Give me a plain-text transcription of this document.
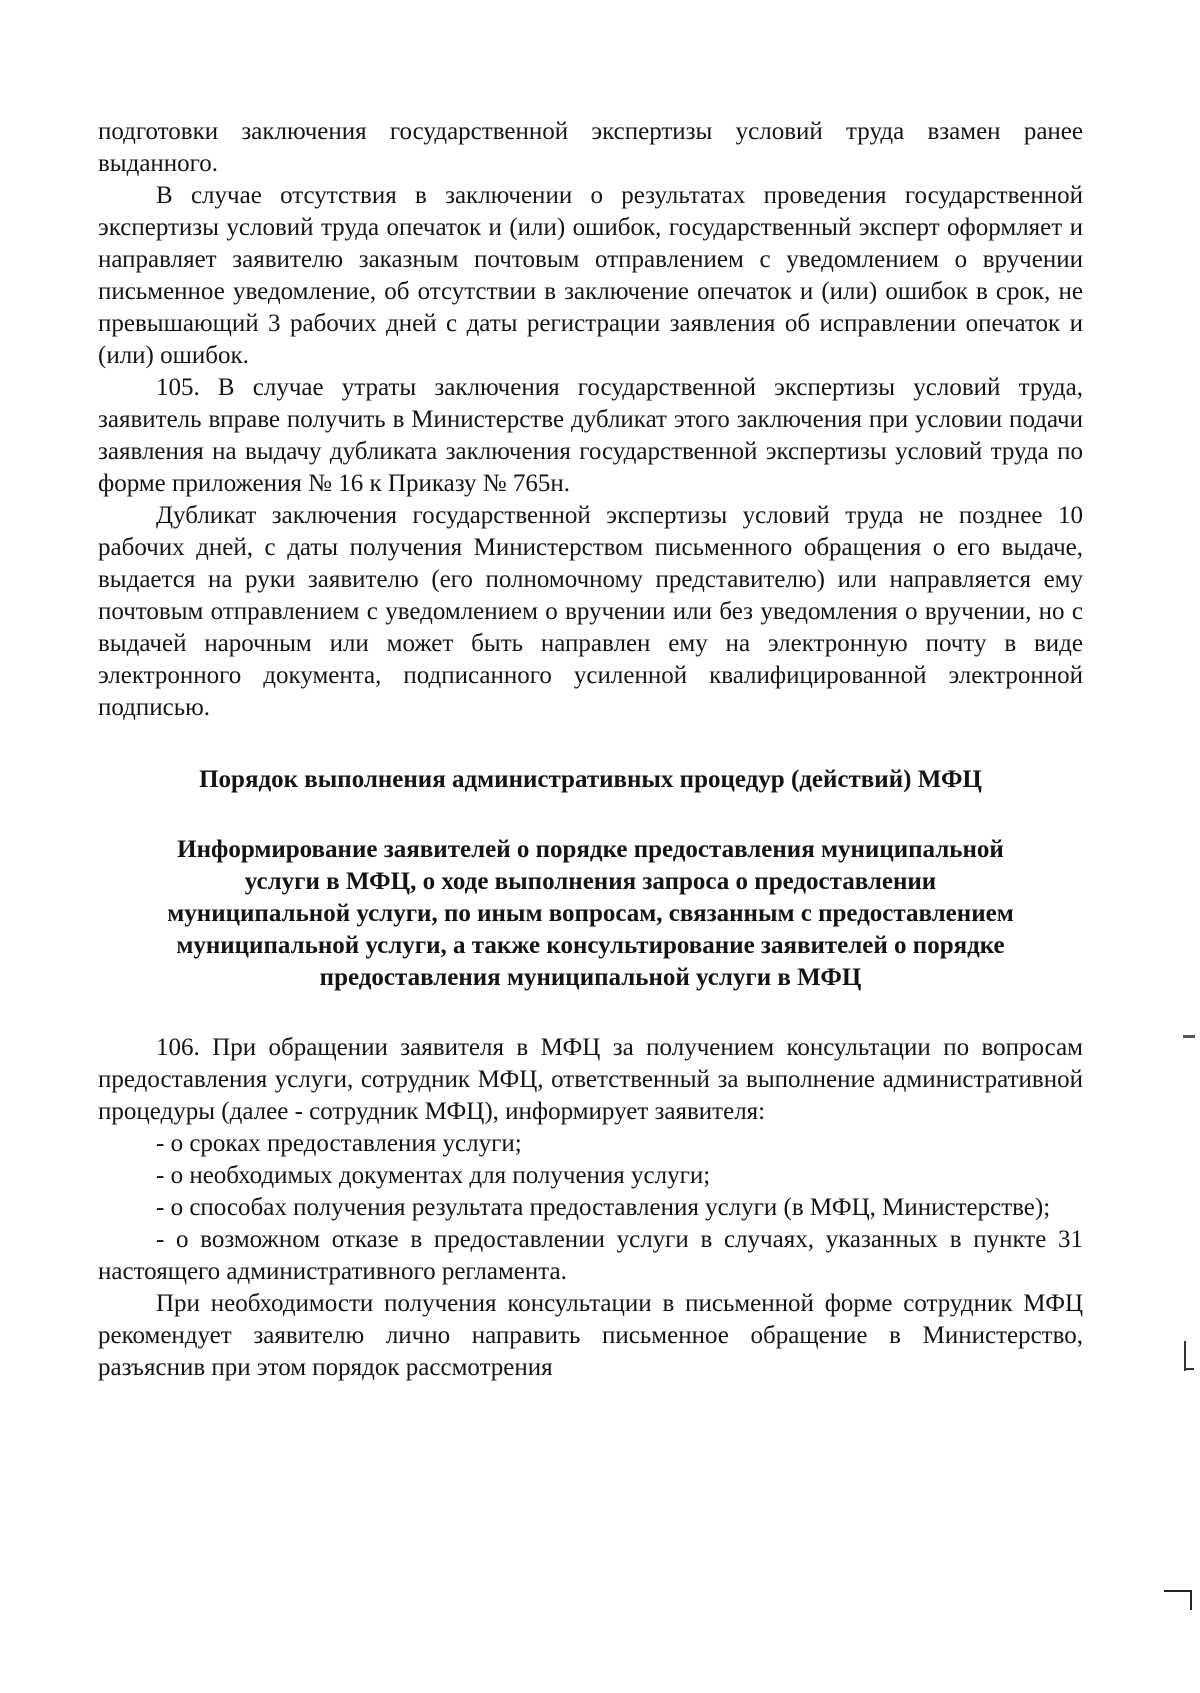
подготовки заключения государственной экспертизы условий труда взамен ранее выданного.

В случае отсутствия в заключении о результатах проведения государственной экспертизы условий труда опечаток и (или) ошибок, государственный эксперт оформляет и направляет заявителю заказным почтовым отправлением с уведомлением о вручении письменное уведомление, об отсутствии в заключение опечаток и (или) ошибок в срок, не превышающий 3 рабочих дней с даты регистрации заявления об исправлении опечаток и (или) ошибок.

105. В случае утраты заключения государственной экспертизы условий труда, заявитель вправе получить в Министерстве дубликат этого заключения при условии подачи заявления на выдачу дубликата заключения государственной экспертизы условий труда по форме приложения № 16 к Приказу № 765н.

Дубликат заключения государственной экспертизы условий труда не позднее 10 рабочих дней, с даты получения Министерством письменного обращения о его выдаче, выдается на руки заявителю (его полномочному представителю) или направляется ему почтовым отправлением с уведомлением о вручении или без уведомления о вручении, но с выдачей нарочным или может быть направлен ему на электронную почту в виде электронного документа, подписанного усиленной квалифицированной электронной подписью.

Порядок выполнения административных процедур (действий) МФЦ
Информирование заявителей о порядке предоставления муниципальной услуги в МФЦ, о ходе выполнения запроса о предоставлении муниципальной услуги, по иным вопросам, связанным с предоставлением муниципальной услуги, а также консультирование заявителей о порядке предоставления муниципальной услуги в МФЦ

106. При обращении заявителя в МФЦ за получением консультации по вопросам предоставления услуги, сотрудник МФЦ, ответственный за выполнение административной процедуры (далее - сотрудник МФЦ), информирует заявителя:

- о сроках предоставления услуги;

- о необходимых документах для получения услуги;

- о способах получения результата предоставления услуги (в МФЦ, Министерстве);

- о возможном отказе в предоставлении услуги в случаях, указанных в пункте 31 настоящего административного регламента.

При необходимости получения консультации в письменной форме сотрудник МФЦ рекомендует заявителю лично направить письменное обращение в Министерство, разъяснив при этом порядок рассмотрения
